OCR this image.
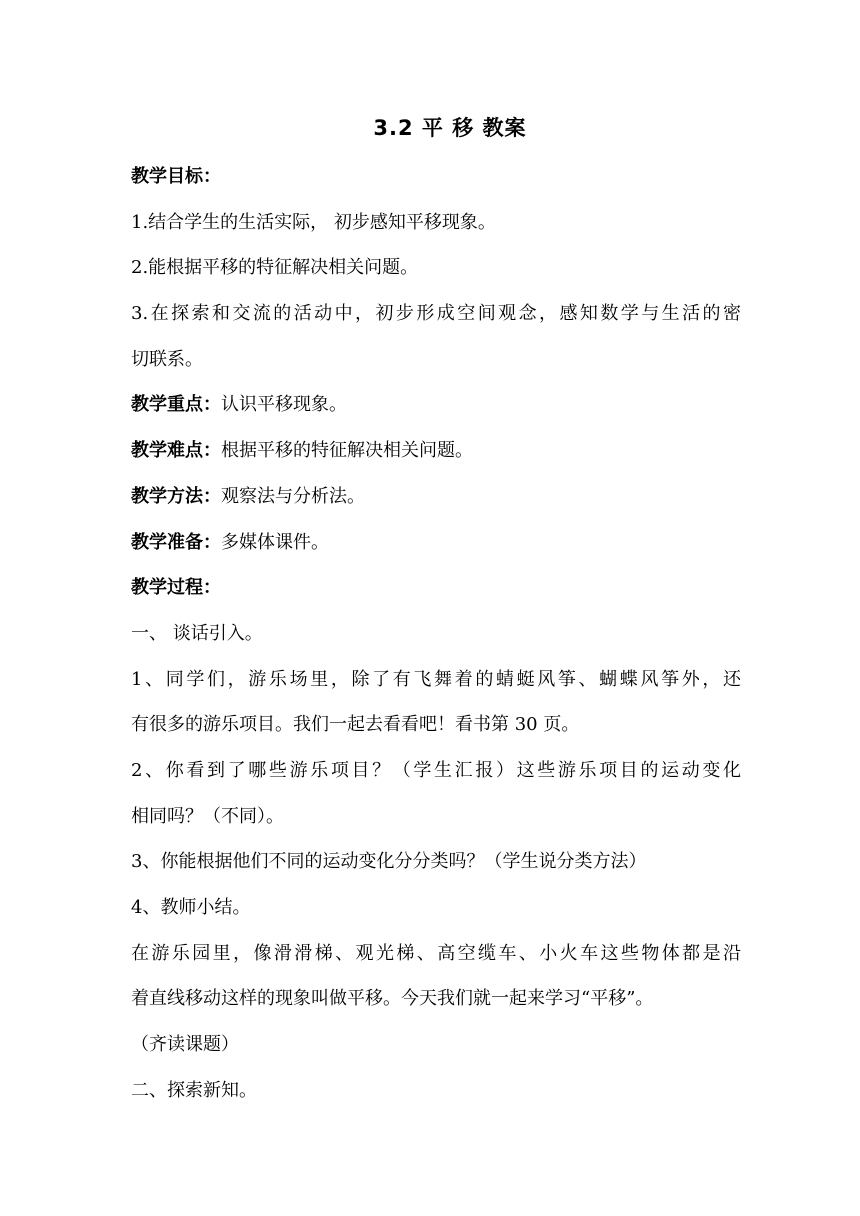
3.2 平 移 教案
教学目标：
1.结合学生的生活实际， 初步感知平移现象。
2.能根据平移的特征解决相关问题。
3.在探索和交流的活动中，初步形成空间观念，感知数学与生活的密
切联系。
教学重点：认识平移现象。
教学难点：根据平移的特征解决相关问题。
教学方法：观察法与分析法。
教学准备：多媒体课件。
教学过程：
一、 谈话引入。
1、同学们，游乐场里，除了有飞舞着的蜻蜓风筝、蝴蝶风筝外，还
有很多的游乐项目。我们一起去看看吧！看书第 30 页。
2、你看到了哪些游乐项目？（学生汇报）这些游乐项目的运动变化
相同吗？（不同）。
3、你能根据他们不同的运动变化分分类吗？（学生说分类方法）
4、教师小结。
在游乐园里，像滑滑梯、观光梯、高空缆车、小火车这些物体都是沿
着直线移动这样的现象叫做平移。今天我们就一起来学习“平移”。
（齐读课题）
二、探索新知。
